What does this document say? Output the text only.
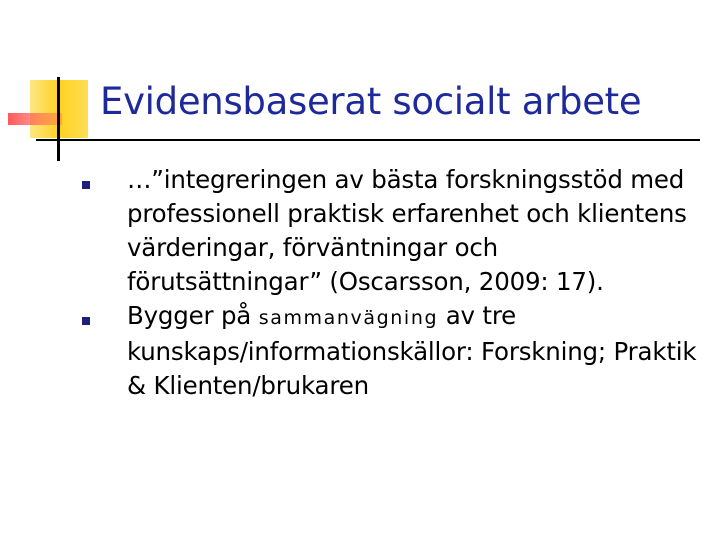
Evidensbaserat socialt arbete
…”integreringen av bästa forskningsstöd med professionell praktisk erfarenhet och klientens värderingar, förväntningar och förutsättningar” (Oscarsson, 2009: 17).
Bygger på sammanvägning av tre kunskaps/informationskällor: Forskning; Praktik & Klienten/brukaren
